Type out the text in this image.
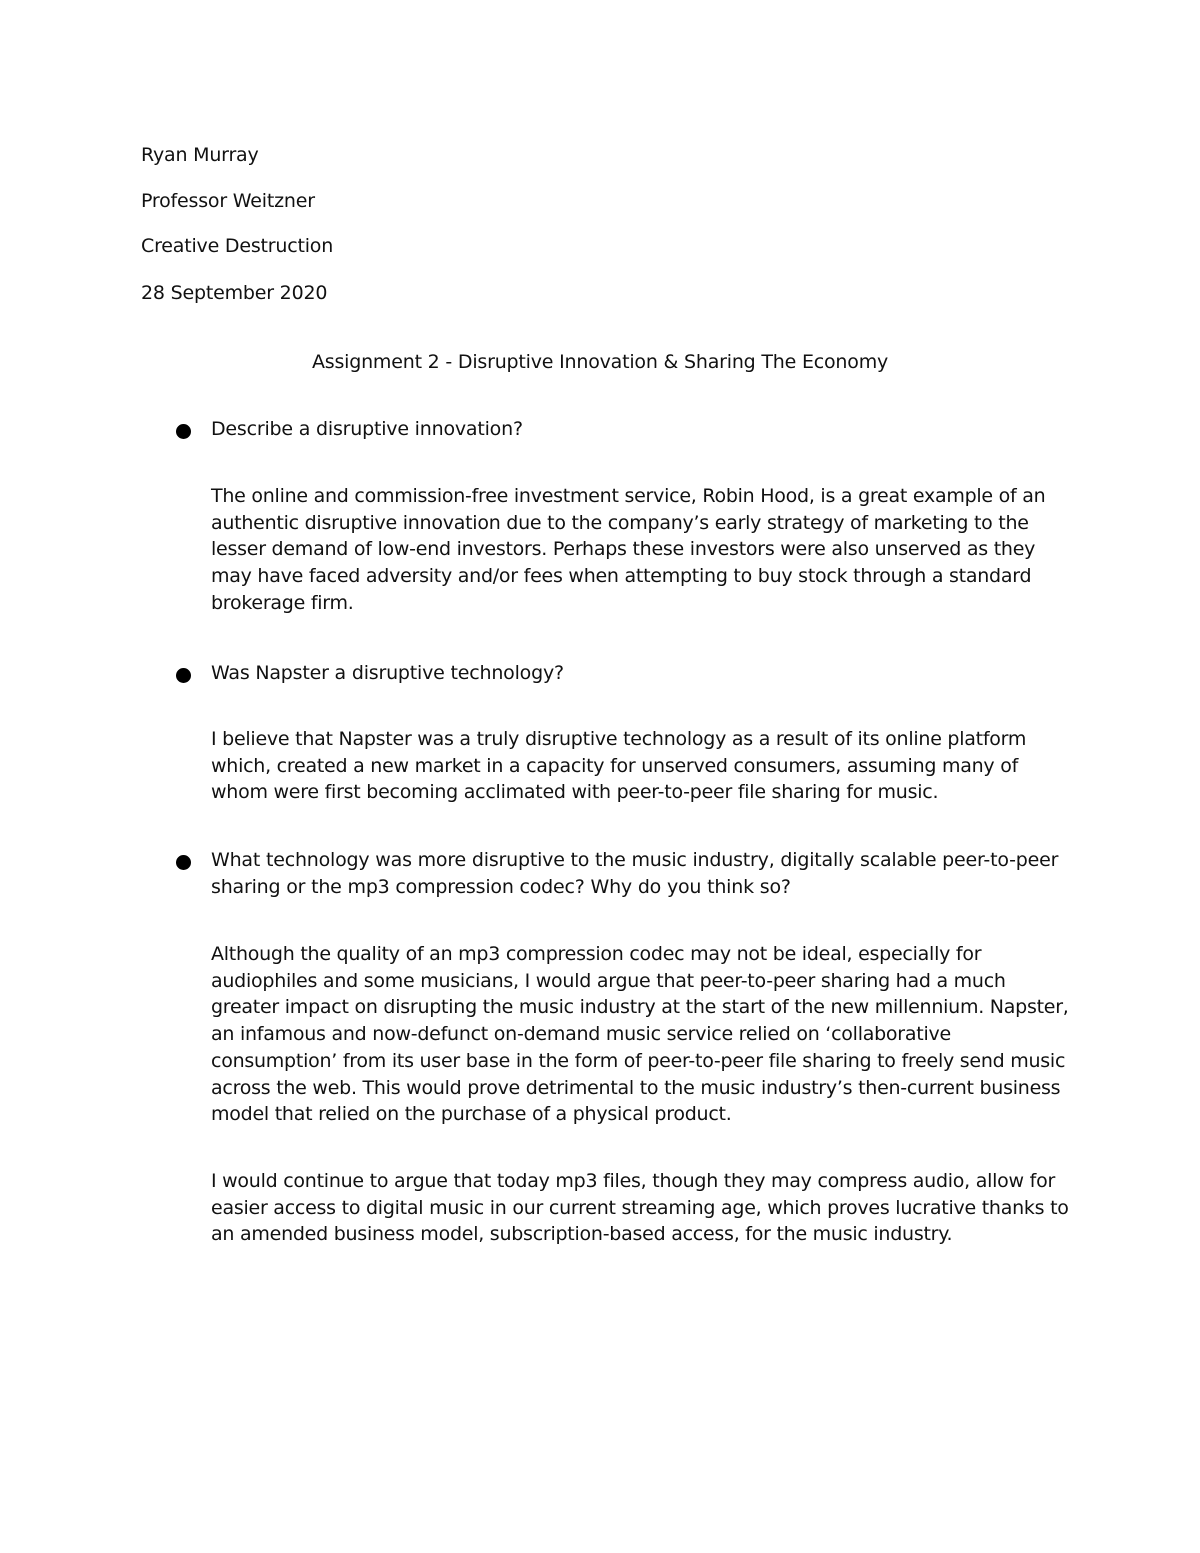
Ryan Murray
Professor Weitzner
Creative Destruction
28 September 2020
Assignment 2 - Disruptive Innovation & Sharing The Economy
Describe a disruptive innovation?
The online and commission-free investment service, Robin Hood, is a great example of an authentic disruptive innovation due to the company’s early strategy of marketing to the lesser demand of low-end investors. Perhaps these investors were also unserved as they may have faced adversity and/or fees when attempting to buy stock through a standard brokerage firm.
Was Napster a disruptive technology?
I believe that Napster was a truly disruptive technology as a result of its online platform which, created a new market in a capacity for unserved consumers, assuming many of whom were first becoming acclimated with peer-to-peer file sharing for music.
What technology was more disruptive to the music industry, digitally scalable peer-to-peer sharing or the mp3 compression codec? Why do you think so?
Although the quality of an mp3 compression codec may not be ideal, especially for audiophiles and some musicians, I would argue that peer-to-peer sharing had a much greater impact on disrupting the music industry at the start of the new millennium. Napster, an infamous and now-defunct on-demand music service relied on ‘collaborative consumption’ from its user base in the form of peer-to-peer file sharing to freely send music across the web. This would prove detrimental to the music industry’s then-current business model that relied on the purchase of a physical product.
I would continue to argue that today mp3 files, though they may compress audio, allow for easier access to digital music in our current streaming age, which proves lucrative thanks to an amended business model, subscription-based access, for the music industry.
